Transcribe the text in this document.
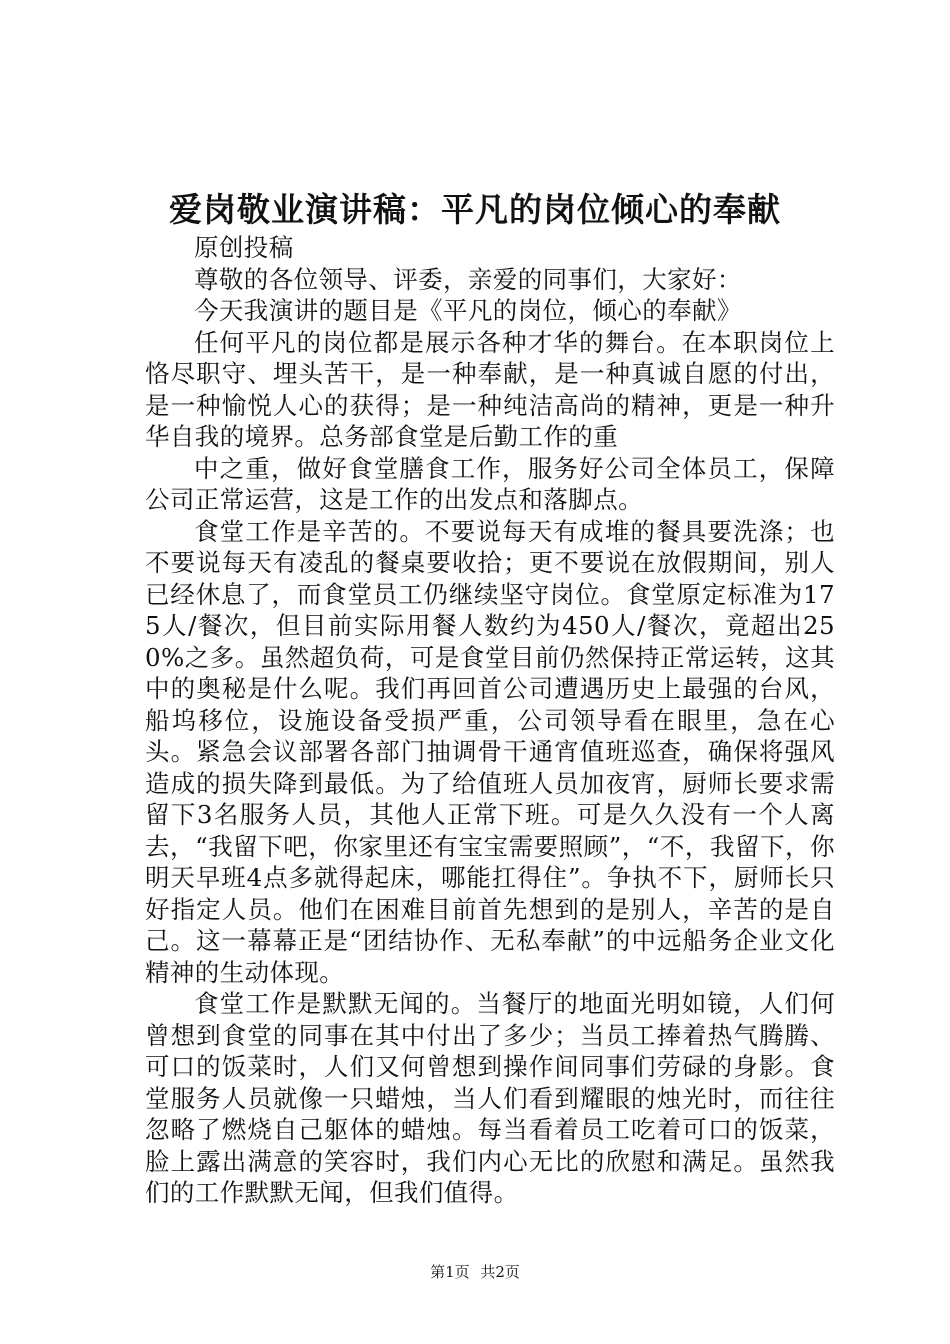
爱岗敬业演讲稿：平凡的岗位倾心的奉献

原创投稿

尊敬的各位领导、评委，亲爱的同事们，大家好：

今天我演讲的题目是《平凡的岗位，倾心的奉献》

任何平凡的岗位都是展示各种才华的舞台。在本职岗位上恪尽职守、埋头苦干，是一种奉献，是一种真诚自愿的付出，是一种愉悦人心的获得；是一种纯洁高尚的精神，更是一种升华自我的境界。总务部食堂是后勤工作的重

中之重，做好食堂膳食工作，服务好公司全体员工，保障公司正常运营，这是工作的出发点和落脚点。

食堂工作是辛苦的。不要说每天有成堆的餐具要洗涤；也不要说每天有凌乱的餐桌要收拾；更不要说在放假期间，别人已经休息了，而食堂员工仍继续坚守岗位。食堂原定标准为175人/餐次，但目前实际用餐人数约为450人/餐次，竟超出250%之多。虽然超负荷，可是食堂目前仍然保持正常运转，这其中的奥秘是什么呢。我们再回首公司遭遇历史上最强的台风，船坞移位，设施设备受损严重，公司领导看在眼里，急在心头。紧急会议部署各部门抽调骨干通宵值班巡查，确保将强风造成的损失降到最低。为了给值班人员加夜宵，厨师长要求需留下3名服务人员，其他人正常下班。可是久久没有一个人离去，“我留下吧，你家里还有宝宝需要照顾”，“不，我留下，你明天早班4点多就得起床，哪能扛得住”。争执不下，厨师长只好指定人员。他们在困难目前首先想到的是别人，辛苦的是自己。这一幕幕正是“团结协作、无私奉献”的中远船务企业文化精神的生动体现。

食堂工作是默默无闻的。当餐厅的地面光明如镜，人们何曾想到食堂的同事在其中付出了多少；当员工捧着热气腾腾、可口的饭菜时，人们又何曾想到操作间同事们劳碌的身影。食堂服务人员就像一只蜡烛，当人们看到耀眼的烛光时，而往往忽略了燃烧自己躯体的蜡烛。每当看着员工吃着可口的饭菜，脸上露出满意的笑容时，我们内心无比的欣慰和满足。虽然我们的工作默默无闻，但我们值得。

第1页 共2页
